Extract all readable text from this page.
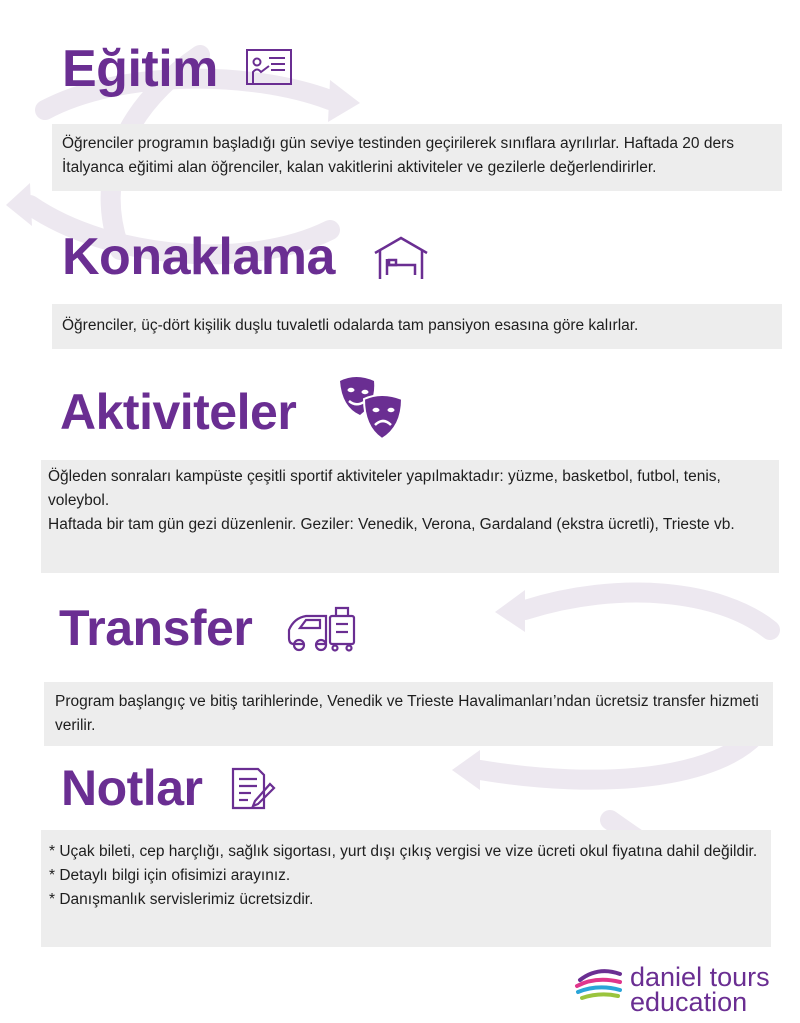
Eğitim

Öğrenciler programın başladığı gün seviye testinden geçirilerek sınıflara ayrılırlar. Haftada 20 ders İtalyanca eğitimi alan öğrenciler, kalan vakitlerini aktiviteler ve gezilerle değerlendirirler.

Konaklama

Öğrenciler, üç-dört kişilik duşlu tuvaletli odalarda tam pansiyon esasına göre kalırlar.

Aktiviteler

Öğleden sonraları kampüste çeşitli sportif aktiviteler yapılmaktadır: yüzme, basketbol, futbol, tenis, voleybol.

Haftada bir tam gün gezi düzenlenir. Geziler: Venedik, Verona, Gardaland (ekstra ücretli), Trieste vb.

Transfer

Program başlangıç ve bitiş tarihlerinde, Venedik ve Trieste Havalimanları’ndan ücretsiz transfer hizmeti verilir.

Notlar

* Uçak bileti, cep harçlığı, sağlık sigortası, yurt dışı çıkış vergisi ve vize ücreti okul fiyatına dahil değildir.

* Detaylı bilgi için ofisimizi arayınız.

* Danışmanlık servislerimiz ücretsizdir.

daniel tours
education
